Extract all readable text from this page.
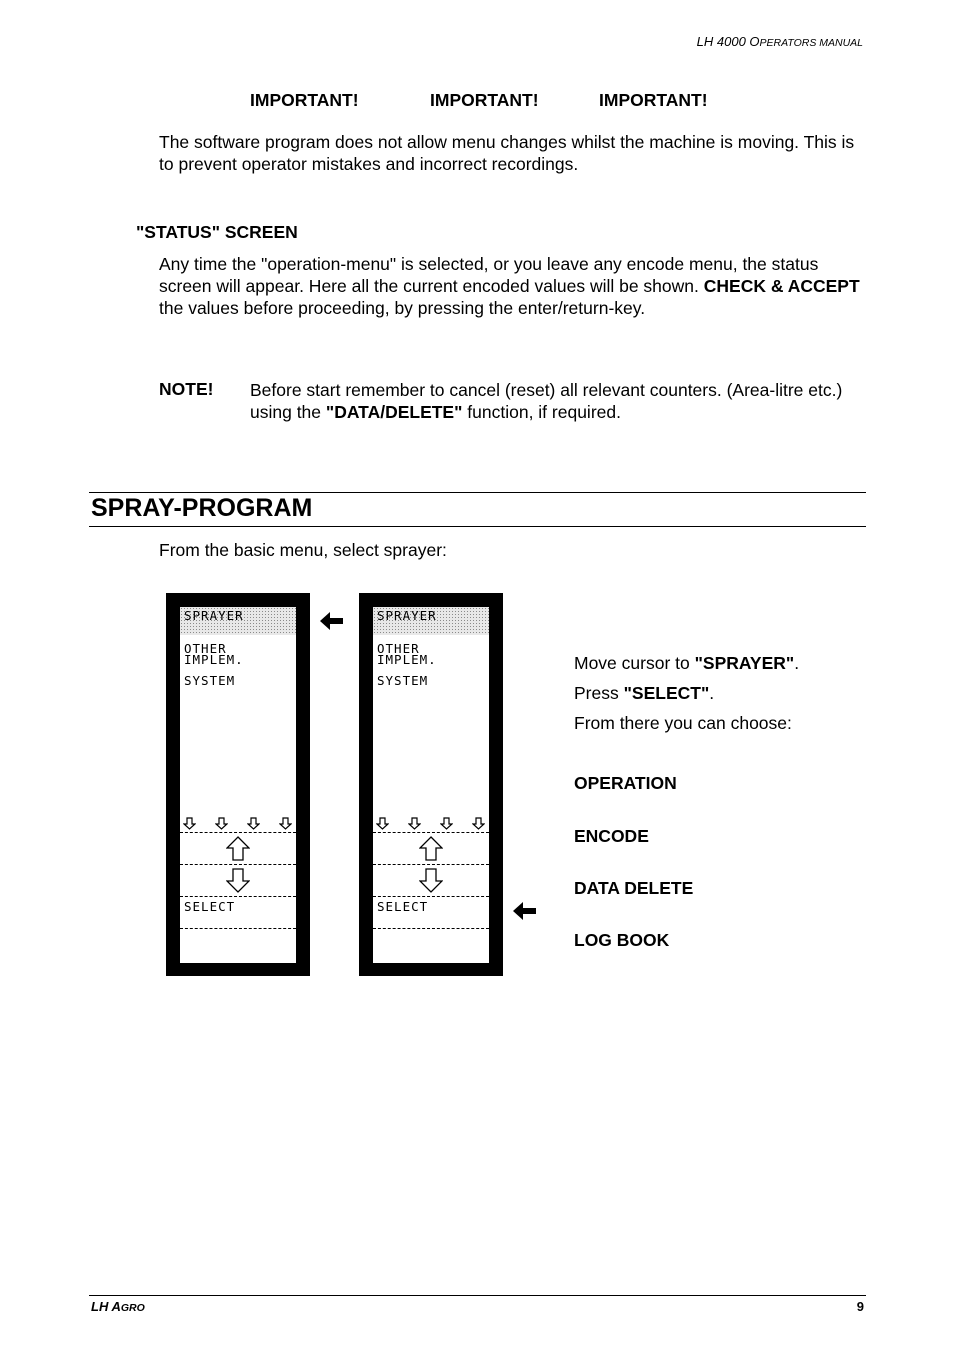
LH 4000 OPERATORS MANUAL
IMPORTANT!	IMPORTANT!	IMPORTANT!
The software program does not allow menu changes whilst the machine is moving. This is to prevent operator mistakes and incorrect recordings.
"STATUS" SCREEN
Any time the "operation-menu" is selected, or you leave any encode menu, the status screen will appear. Here all the current encoded values will be shown. CHECK & ACCEPT the values before proceeding, by pressing the enter/return-key.
NOTE! Before start remember to cancel (reset) all relevant counters. (Area-litre etc.) using the "DATA/DELETE" function, if required.
SPRAY-PROGRAM
From the basic menu, select sprayer:
SPRAYER
OTHER
IMPLEM.
SYSTEM
SELECT
SPRAYER
OTHER
IMPLEM.
SYSTEM
SELECT
Move cursor to "SPRAYER".
Press "SELECT".
From there you can choose:
OPERATION
ENCODE
DATA DELETE
LOG BOOK
LH AGRO	9
